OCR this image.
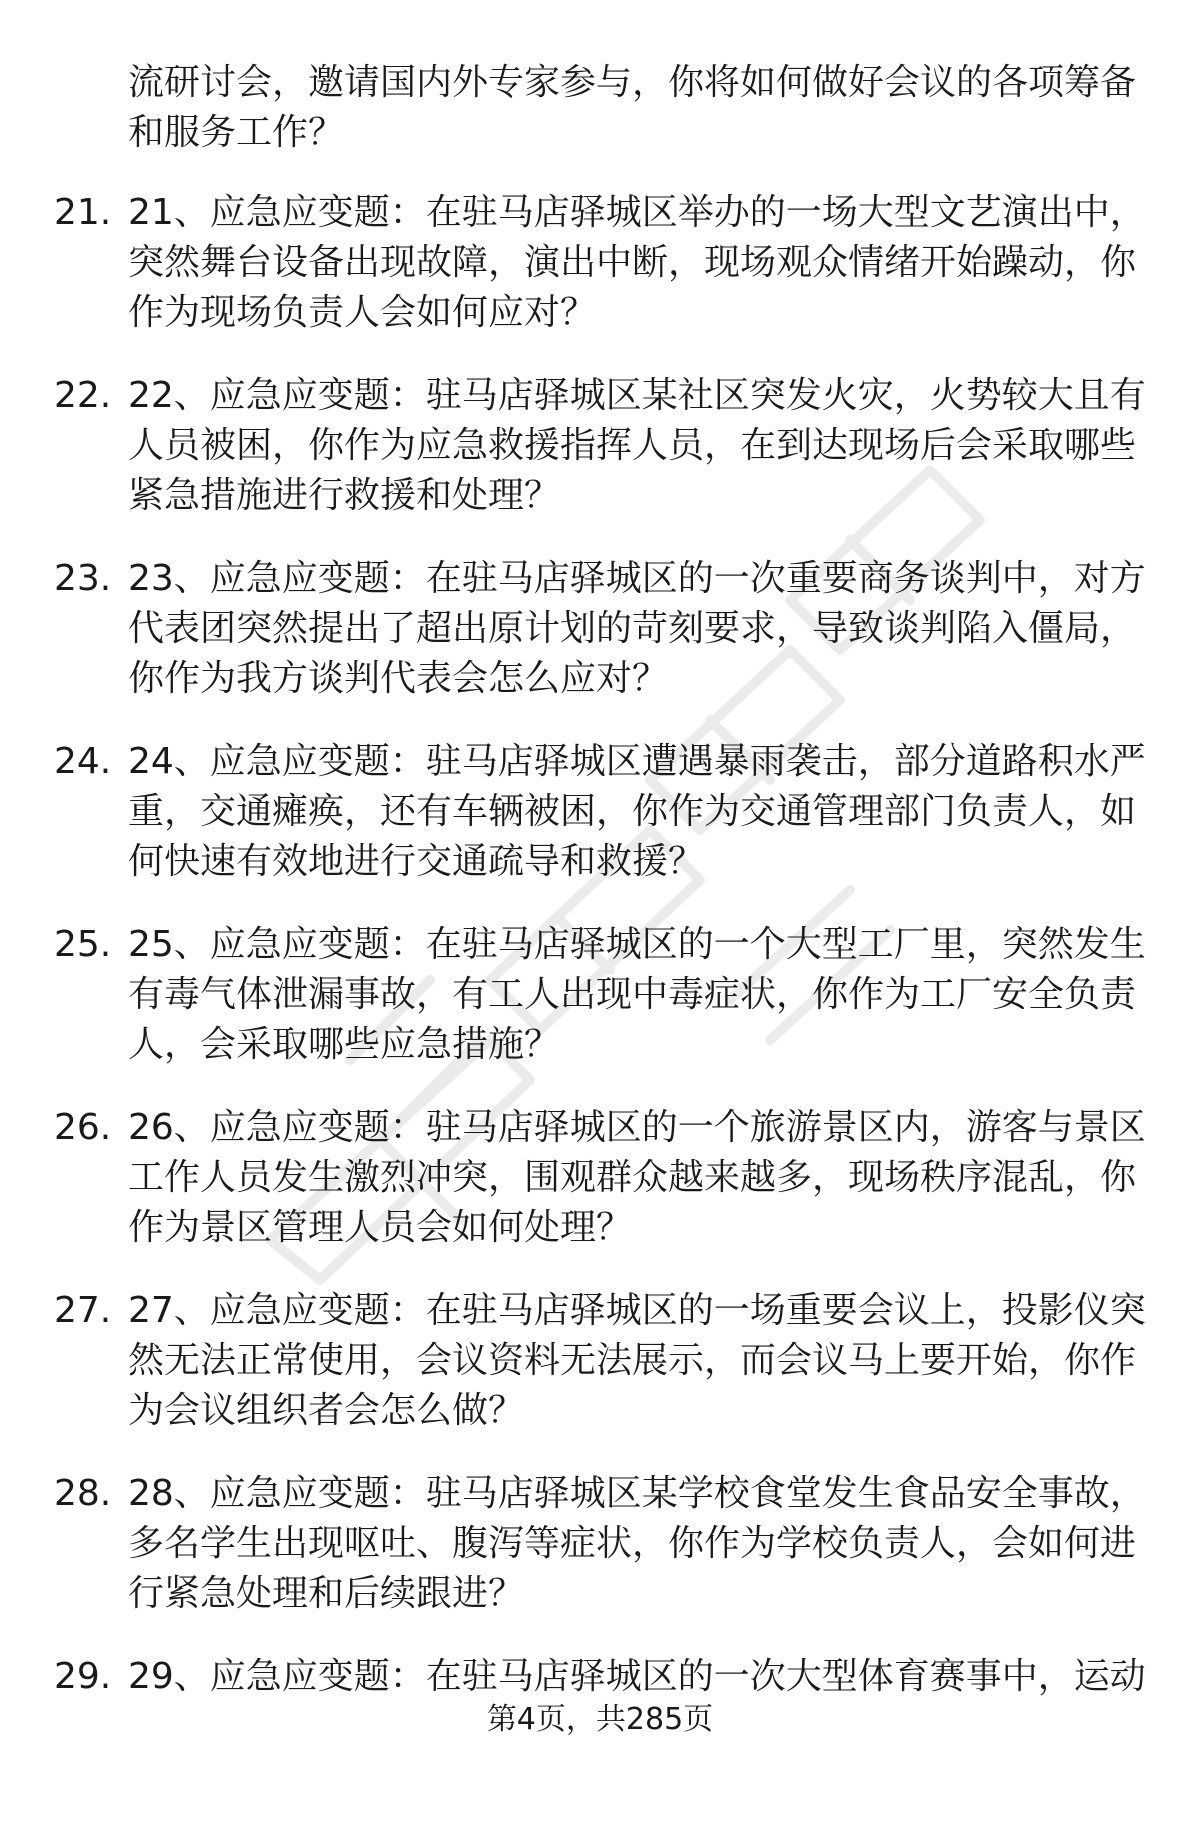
流研讨会，邀请国内外专家参与，你将如何做好会议的各项筹备和服务工作？
21. 21、应急应变题：在驻马店驿城区举办的一场大型文艺演出中，突然舞台设备出现故障，演出中断，现场观众情绪开始躁动，你作为现场负责人会如何应对？
22. 22、应急应变题：驻马店驿城区某社区突发火灾，火势较大且有人员被困，你作为应急救援指挥人员，在到达现场后会采取哪些紧急措施进行救援和处理？
23. 23、应急应变题：在驻马店驿城区的一次重要商务谈判中，对方代表团突然提出了超出原计划的苛刻要求，导致谈判陷入僵局，你作为我方谈判代表会怎么应对？
24. 24、应急应变题：驻马店驿城区遭遇暴雨袭击，部分道路积水严重，交通瘫痪，还有车辆被困，你作为交通管理部门负责人，如何快速有效地进行交通疏导和救援？
25. 25、应急应变题：在驻马店驿城区的一个大型工厂里，突然发生有毒气体泄漏事故，有工人出现中毒症状，你作为工厂安全负责人，会采取哪些应急措施？
26. 26、应急应变题：驻马店驿城区的一个旅游景区内，游客与景区工作人员发生激烈冲突，围观群众越来越多，现场秩序混乱，你作为景区管理人员会如何处理？
27. 27、应急应变题：在驻马店驿城区的一场重要会议上，投影仪突然无法正常使用，会议资料无法展示，而会议马上要开始，你作为会议组织者会怎么做？
28. 28、应急应变题：驻马店驿城区某学校食堂发生食品安全事故，多名学生出现呕吐、腹泻等症状，你作为学校负责人，会如何进行紧急处理和后续跟进？
29. 29、应急应变题：在驻马店驿城区的一次大型体育赛事中，运动
第4页，共285页
